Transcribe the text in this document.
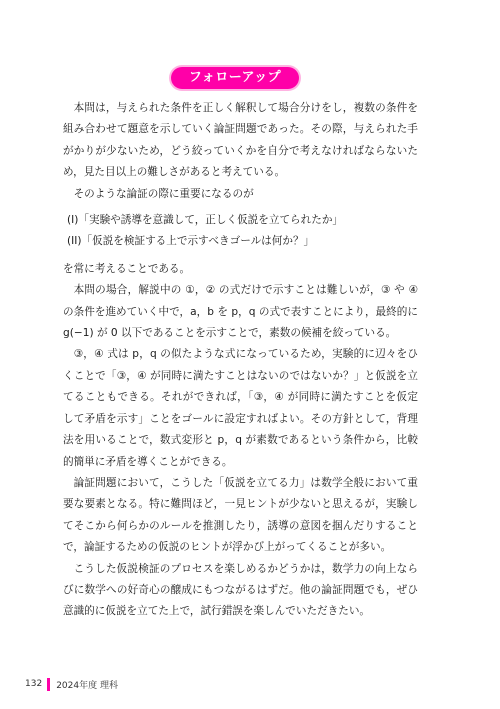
フォローアップ

本問は，与えられた条件を正しく解釈して場合分けをし，複数の条件を組み合わせて題意を示していく論証問題であった。その際，与えられた手がかりが少ないため，どう絞っていくかを自分で考えなければならないため，見た目以上の難しさがあると考えている。

そのような論証の際に重要になるのが

(I)「実験や誘導を意識して，正しく仮説を立てられたか」

(II)「仮説を検証する上で示すべきゴールは何か？」

を常に考えることである。

本問の場合，解説中の ①，② の式だけで示すことは難しいが，③ や ④ の条件を進めていく中で，a，b を p，q の式で表すことにより，最終的に g(−1) が 0 以下であることを示すことで，素数の候補を絞っている。

③，④ 式は p，q の似たような式になっているため，実験的に辺々をひくことで「③，④ が同時に満たすことはないのではないか？」と仮説を立てることもできる。それができれば，「③，④ が同時に満たすことを仮定して矛盾を示す」ことをゴールに設定すればよい。その方針として，背理法を用いることで，数式変形と p，q が素数であるという条件から，比較的簡単に矛盾を導くことができる。

論証問題において，こうした「仮説を立てる力」は数学全般において重要な要素となる。特に難問ほど，一見ヒントが少ないと思えるが，実験してそこから何らかのルールを推測したり，誘導の意図を掴んだりすることで，論証するための仮説のヒントが浮かび上がってくることが多い。

こうした仮説検証のプロセスを楽しめるかどうかは，数学力の向上ならびに数学への好奇心の醸成にもつながるはずだ。他の論証問題でも，ぜひ意識的に仮説を立てた上で，試行錯誤を楽しんでいただきたい。

132 2024年度 理科
